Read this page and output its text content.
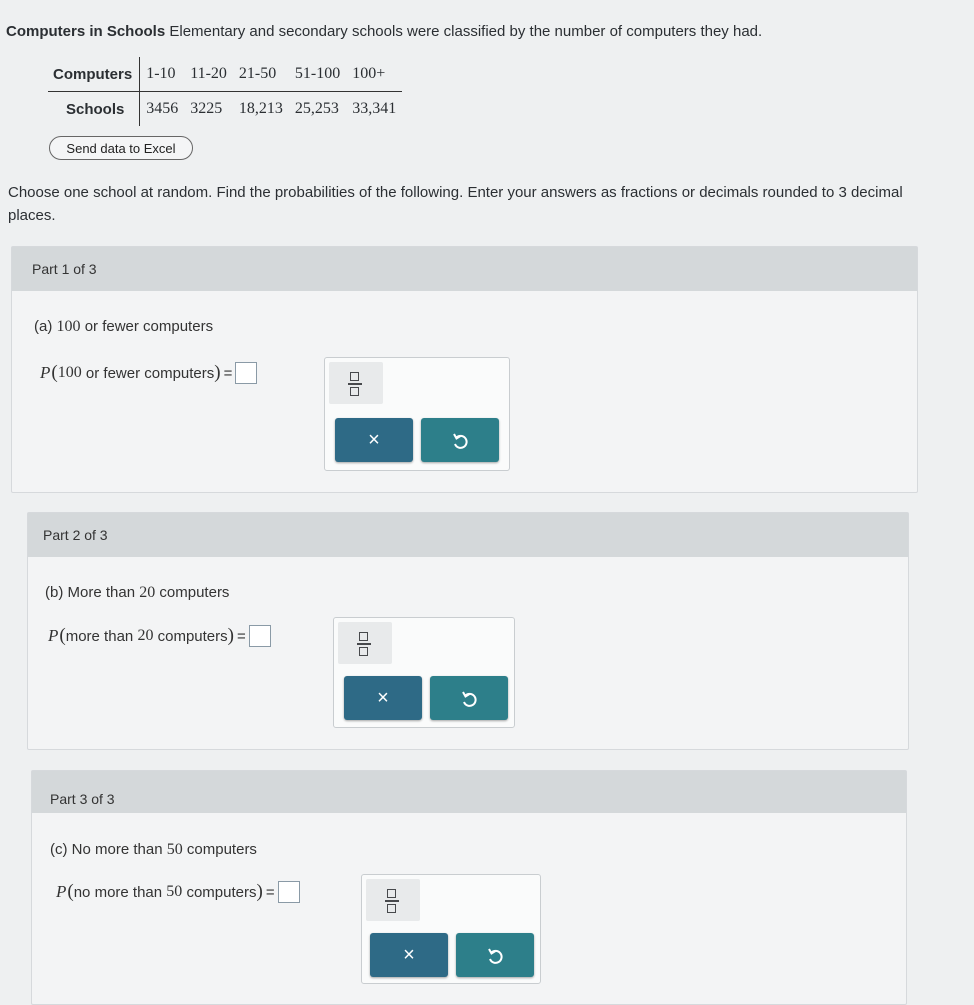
Computers in Schools Elementary and secondary schools were classified by the number of computers they had.

Computers	1-10	11-20	21-50	51-100	100+
Schools	3456	3225	18,213	25,253	33,341
Send data to Excel

Choose one school at random. Find the probabilities of the following. Enter your answers as fractions or decimals rounded to 3 decimal places.

Part 1 of 3
(a) 100 or fewer computers
P ( 100
or fewer computers ) =
×
Part 2 of 3
(b) More than 20 computers
P ( more than
20
computers ) =
×
Part 3 of 3
(c) No more than 50 computers
P ( no more than
50
computers ) =
×
